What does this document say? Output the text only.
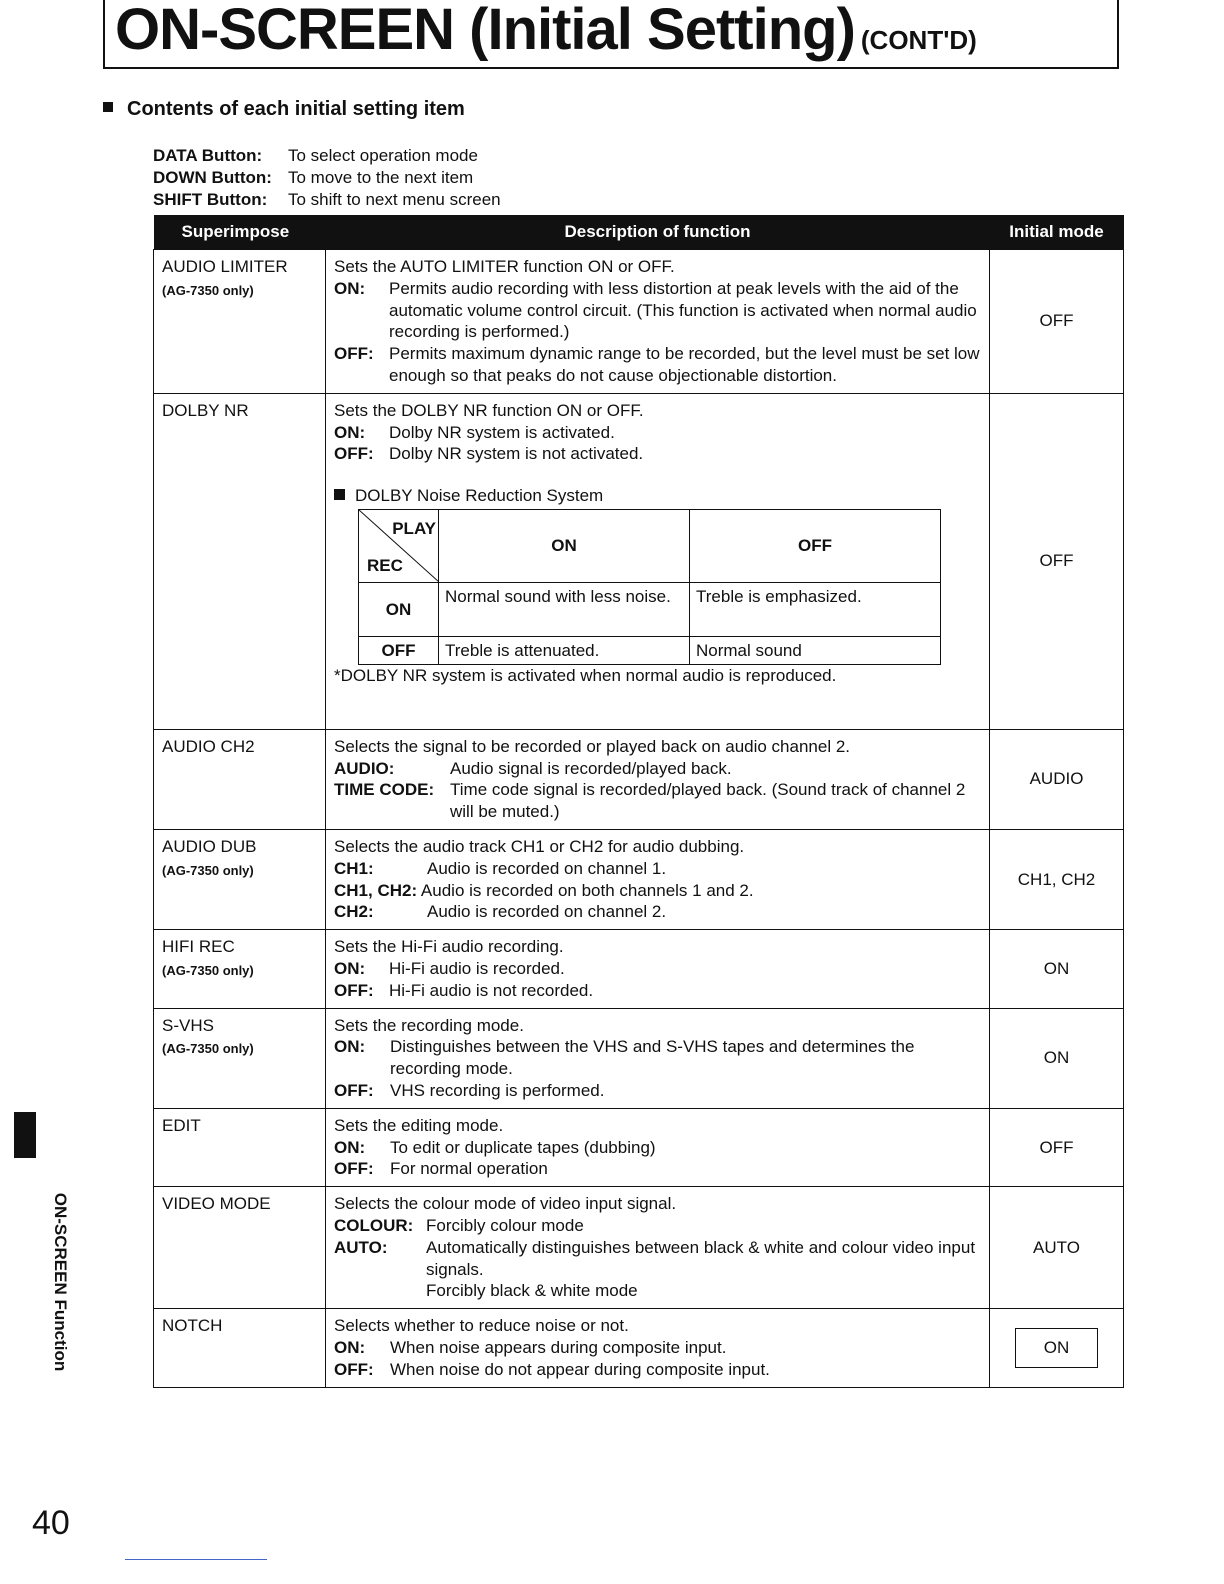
ON-SCREEN (Initial Setting) (CONT'D)
Contents of each initial setting item
DATA Button: To select operation mode
DOWN Button: To move to the next item
SHIFT Button: To shift to next menu screen
Superimpose	Description of function	Initial mode
AUDIO LIMITER
(AG-7350 only)

Sets the AUTO LIMITER function ON or OFF.
ON: Permits audio recording with less distortion at peak levels with the aid of the automatic volume control circuit. (This function is activated when normal audio recording is performed.)
OFF: Permits maximum dynamic range to be recorded, but the level must be set low enough so that peaks do not cause objectionable distortion.
	OFF
DOLBY NR	Sets the DOLBY NR function ON or OFF.
ON: Dolby NR system is activated.
OFF: Dolby NR system is not activated.
DOLBY Noise Reduction System
PLAY
REC
	ON	OFF
ON	Normal sound with less noise.	Treble is emphasized.
OFF	Treble is attenuated.	Normal sound
*DOLBY NR system is activated when normal audio is reproduced.
	OFF
AUDIO CH2	Selects the signal to be recorded or played back on audio channel 2.
AUDIO:	Audio signal is recorded/played back.
TIME CODE: Time code signal is recorded/played back. (Sound track of channel 2 will be muted.)
	AUDIO
AUDIO DUB
(AG-7350 only)

Selects the audio track CH1 or CH2 for audio dubbing.
CH1:	Audio is recorded on channel 1.
CH1, CH2: Audio is recorded on both channels 1 and 2.
CH2:	Audio is recorded on channel 2.
	CH1, CH2
HIFI REC
(AG-7350 only)

Sets the Hi-Fi audio recording.
ON: Hi-Fi audio is recorded.
OFF: Hi-Fi audio is not recorded.
	ON
S-VHS
(AG-7350 only)

Sets the recording mode.
ON: Distinguishes between the VHS and S-VHS tapes and determines the recording mode.
OFF: VHS recording is performed.
	ON
EDIT	Sets the editing mode.
ON: To edit or duplicate tapes (dubbing)
OFF: For normal operation
	OFF
VIDEO MODE	Selects the colour mode of video input signal.
COLOUR: Forcibly colour mode
AUTO: Automatically distinguishes between black & white and colour video input signals.
Forcibly black & white mode
	AUTO
NOTCH	Selects whether to reduce noise or not.
ON: When noise appears during composite input.
OFF: When noise do not appear during composite input.
	ON
ON-SCREEN Function
40
